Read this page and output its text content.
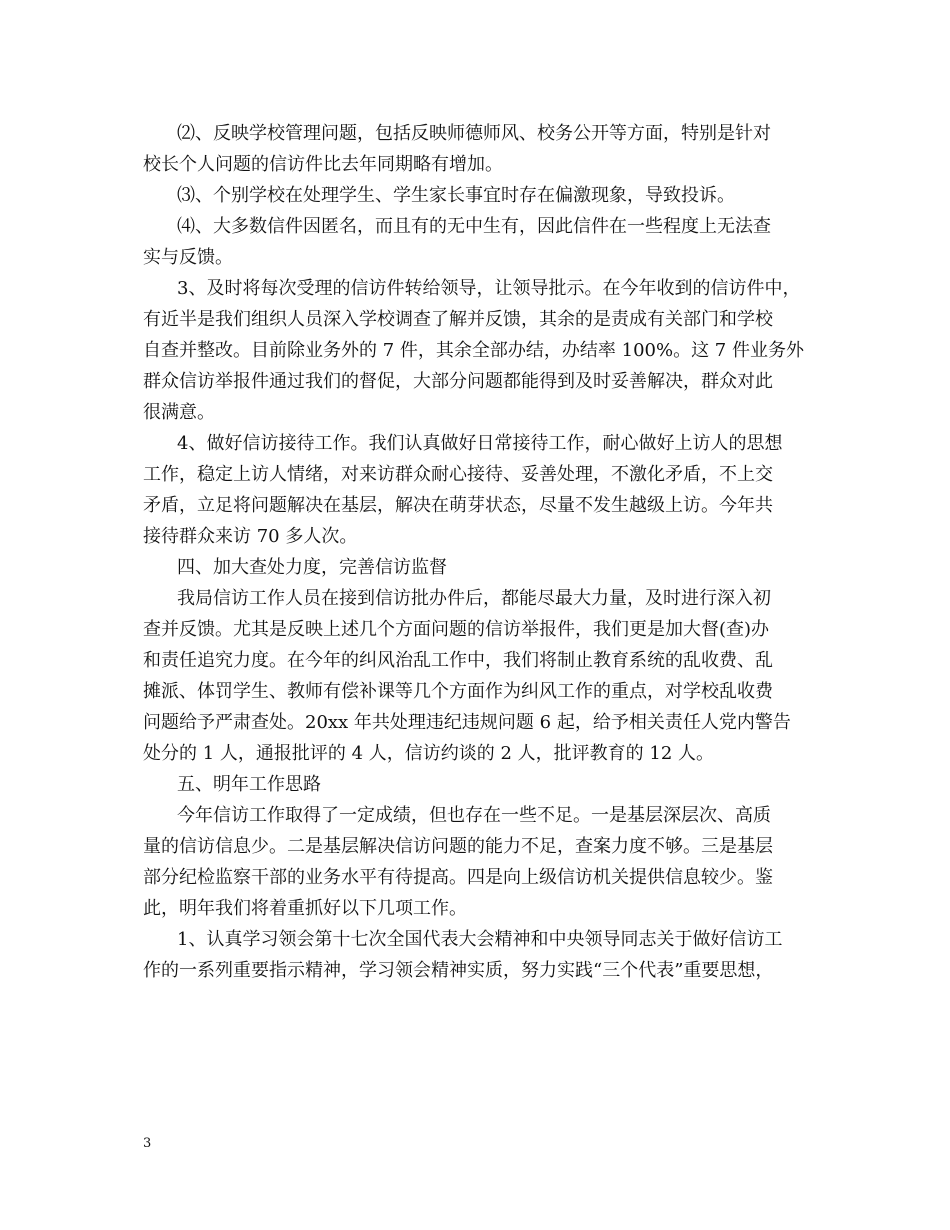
⑵、反映学校管理问题，包括反映师德师风、校务公开等方面，特别是针对
校长个人问题的信访件比去年同期略有增加。
⑶、个别学校在处理学生、学生家长事宜时存在偏激现象，导致投诉。
⑷、大多数信件因匿名，而且有的无中生有，因此信件在一些程度上无法查
实与反馈。
3、及时将每次受理的信访件转给领导，让领导批示。在今年收到的信访件中，
有近半是我们组织人员深入学校调查了解并反馈，其余的是责成有关部门和学校
自查并整改。目前除业务外的 7 件，其余全部办结，办结率 100%。这 7 件业务外
群众信访举报件通过我们的督促，大部分问题都能得到及时妥善解决，群众对此
很满意。
4、做好信访接待工作。我们认真做好日常接待工作，耐心做好上访人的思想
工作，稳定上访人情绪，对来访群众耐心接待、妥善处理，不激化矛盾，不上交
矛盾，立足将问题解决在基层，解决在萌芽状态，尽量不发生越级上访。今年共
接待群众来访 70 多人次。
四、加大查处力度，完善信访监督
我局信访工作人员在接到信访批办件后，都能尽最大力量，及时进行深入初
查并反馈。尤其是反映上述几个方面问题的信访举报件，我们更是加大督(查)办
和责任追究力度。在今年的纠风治乱工作中，我们将制止教育系统的乱收费、乱
摊派、体罚学生、教师有偿补课等几个方面作为纠风工作的重点，对学校乱收费
问题给予严肃查处。20xx 年共处理违纪违规问题 6 起，给予相关责任人党内警告
处分的 1 人，通报批评的 4 人，信访约谈的 2 人，批评教育的 12 人。
五、明年工作思路
今年信访工作取得了一定成绩，但也存在一些不足。一是基层深层次、高质
量的信访信息少。二是基层解决信访问题的能力不足，查案力度不够。三是基层
部分纪检监察干部的业务水平有待提高。四是向上级信访机关提供信息较少。鉴
此，明年我们将着重抓好以下几项工作。
1、认真学习领会第十七次全国代表大会精神和中央领导同志关于做好信访工
作的一系列重要指示精神，学习领会精神实质，努力实践“三个代表”重要思想，
3
